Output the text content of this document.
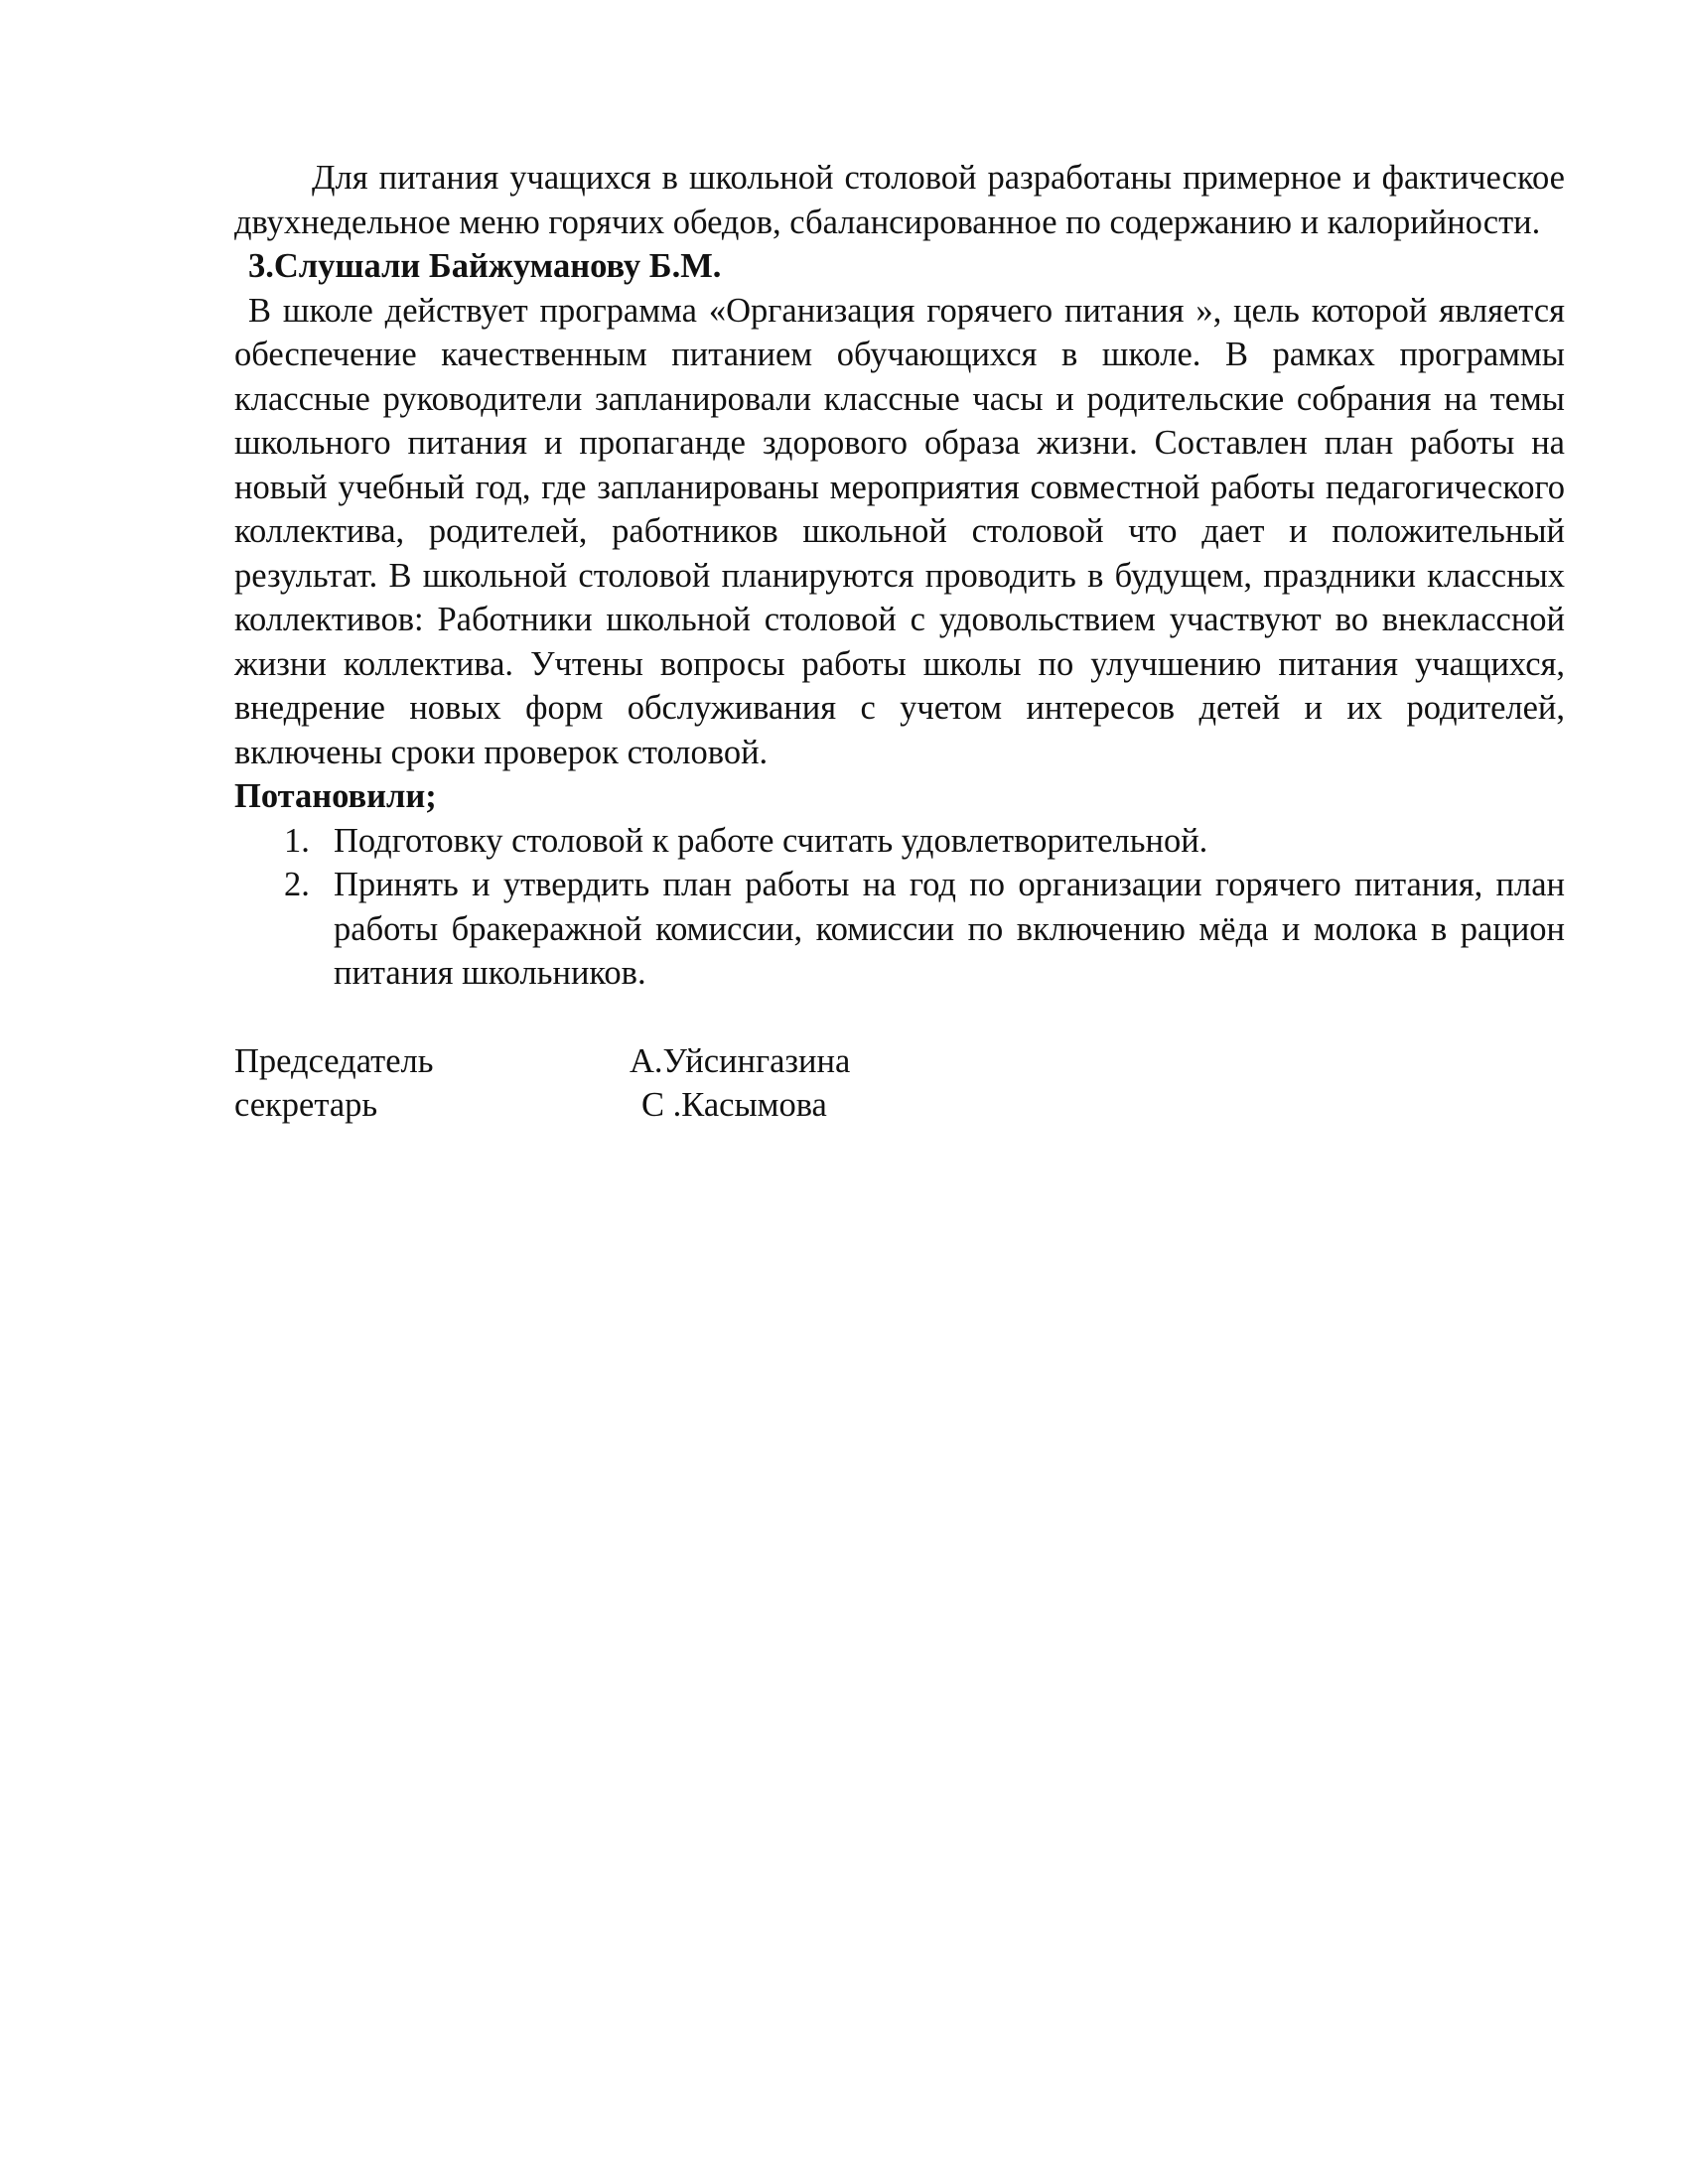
Для питания учащихся в школьной столовой разработаны примерное и фактическое двухнедельное меню горячих обедов, сбалансированное по содержанию и калорийности.

3.Слушали Байжуманову Б.М.

В школе действует программа «Организация горячего питания », цель которой является обеспечение качественным питанием обучающихся в школе. В рамках программы классные руководители запланировали классные часы и родительские собрания на темы школьного питания и пропаганде здорового образа жизни. Составлен план работы на новый учебный год, где запланированы мероприятия совместной работы педагогического коллектива, родителей, работников школьной столовой что дает и положительный результат. В школьной столовой планируются проводить в будущем, праздники классных коллективов: Работники школьной столовой с удовольствием участвуют во внеклассной жизни коллектива. Учтены вопросы работы школы по улучшению питания учащихся, внедрение новых форм обслуживания с учетом интересов детей и их родителей, включены сроки проверок столовой.

Потановили;

1. Подготовку столовой к работе считать удовлетворительной.
2. Принять и утвердить план работы на год по организации горячего питания, план работы бракеражной комиссии, комиссии по включению мёда и молока в рацион питания школьников.
Председатель	А.Уйсингазина
секретарь	С .Касымова
